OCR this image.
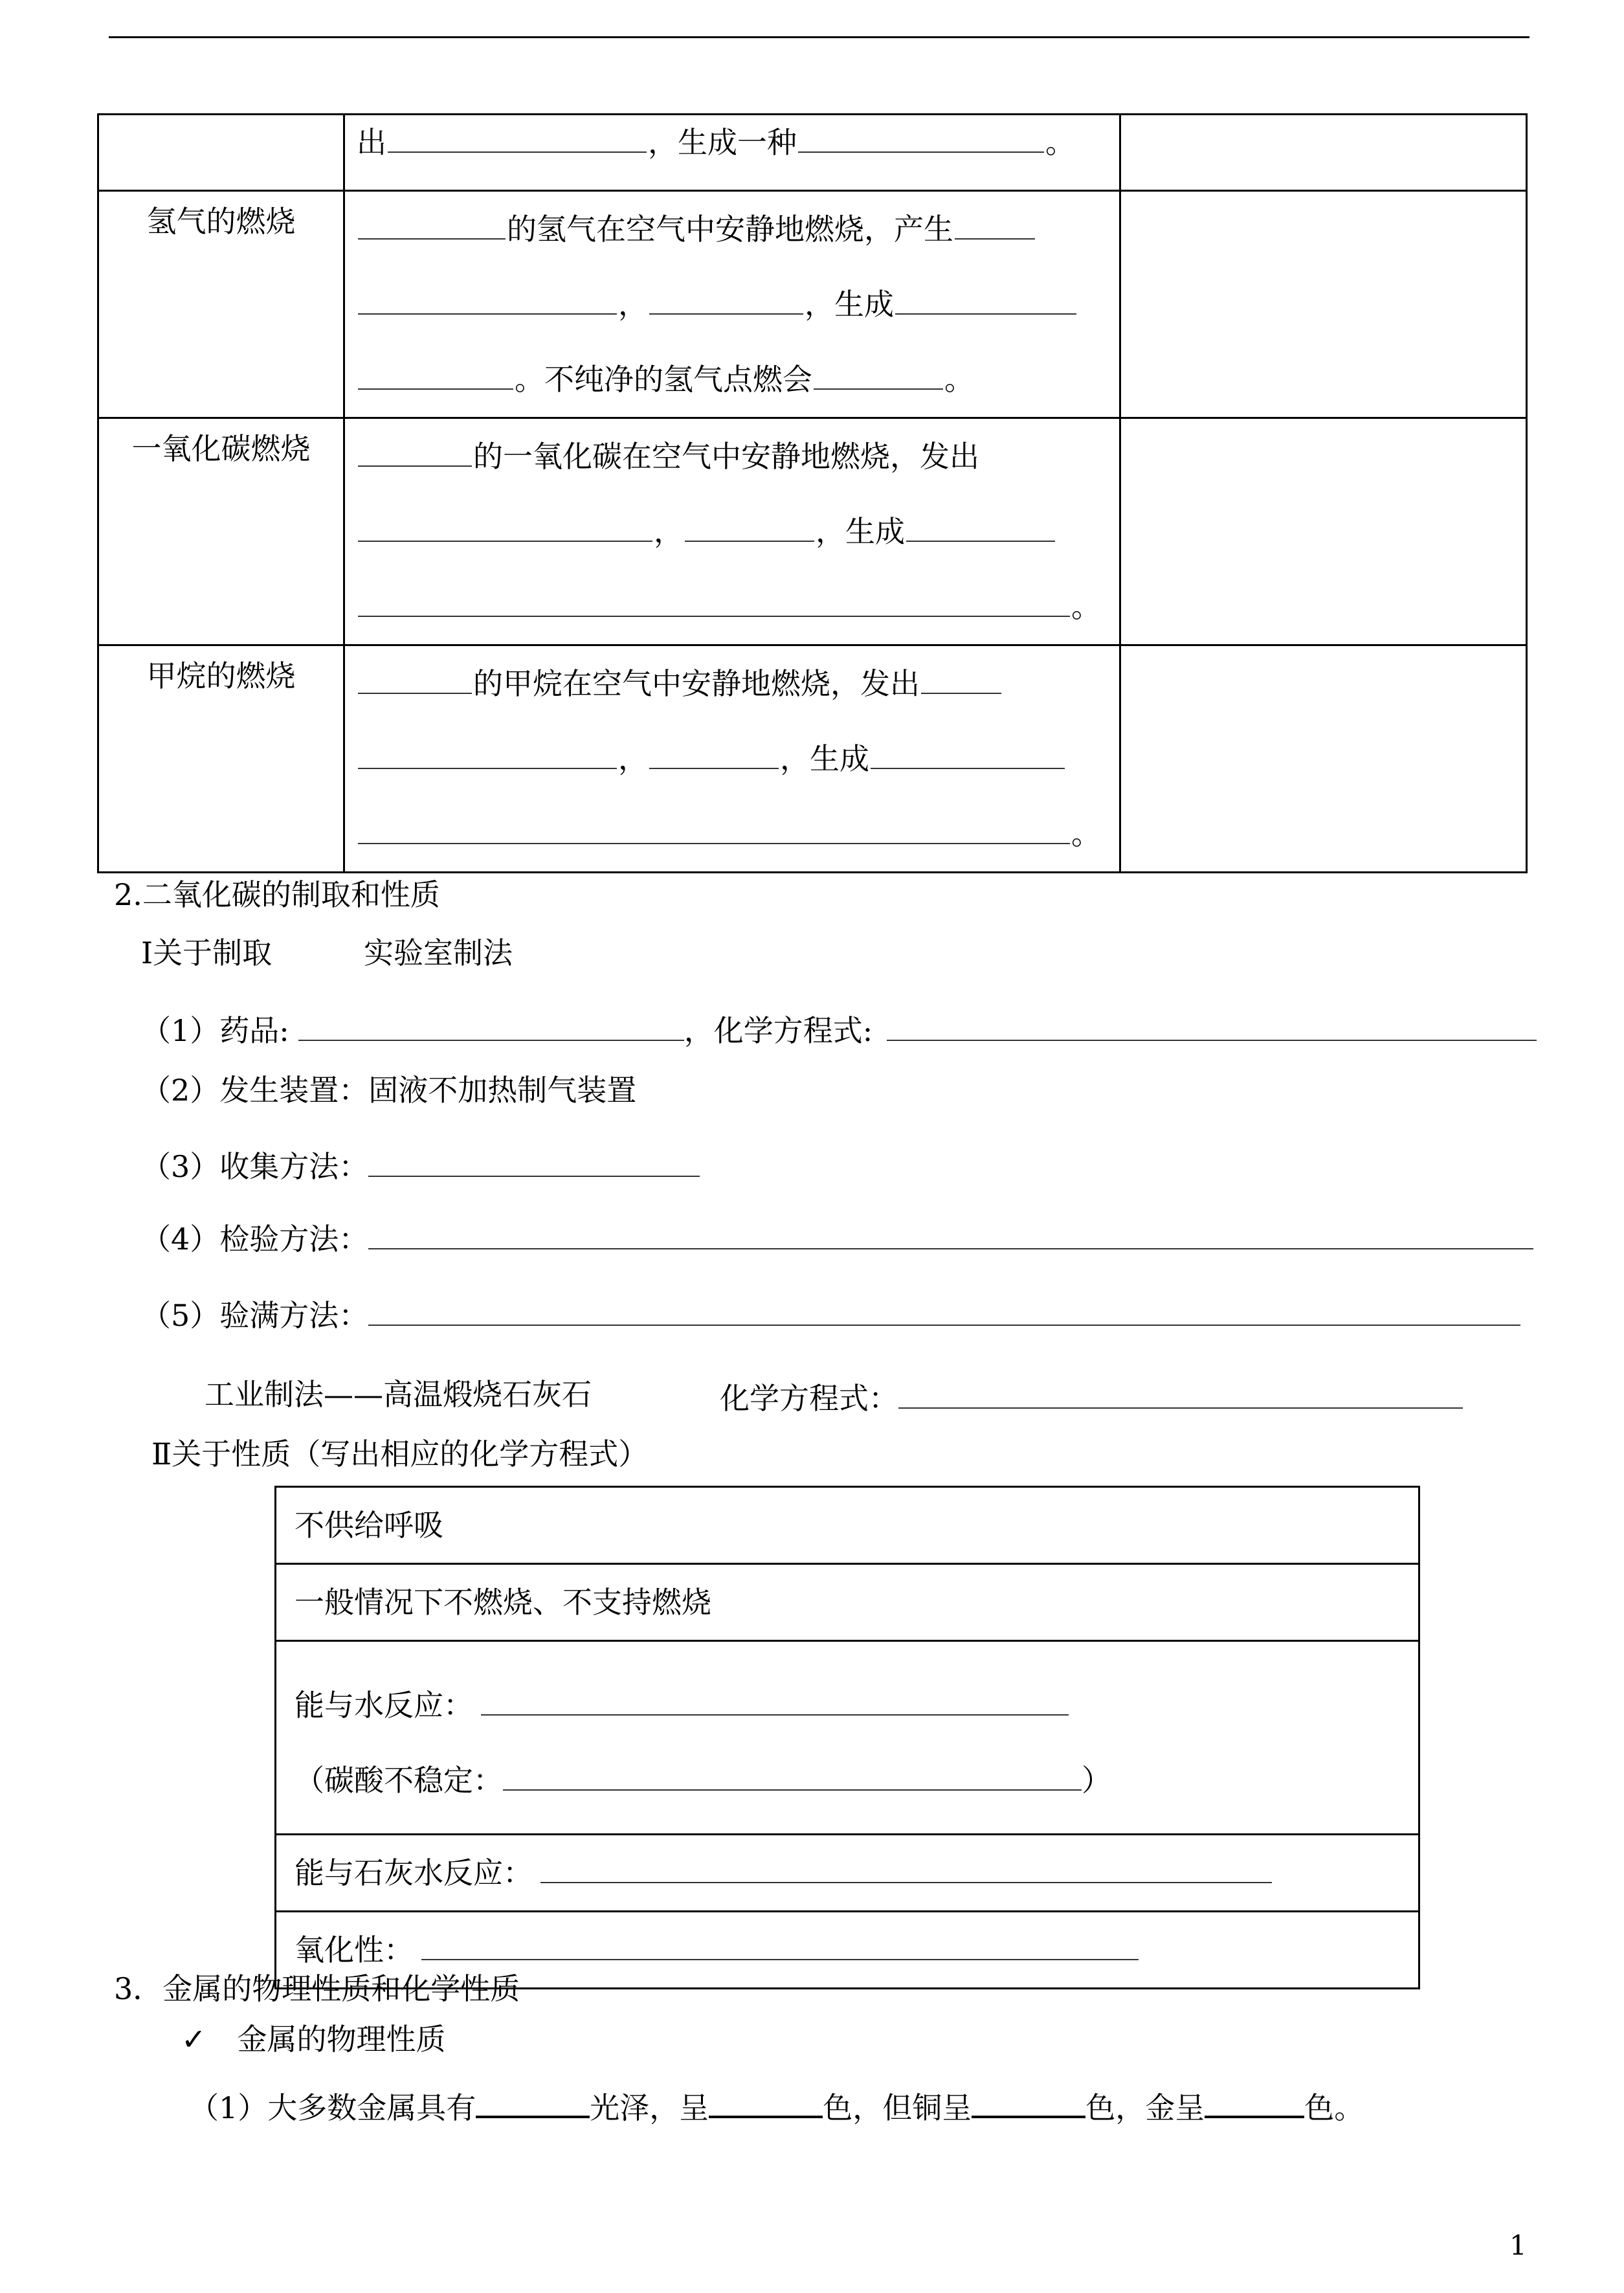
	出 ，生成一种 。	

氢气的燃烧	的氢气在空气中安静地燃烧，产生
， ，生成
。不纯净的氢气点燃会 。	

一氧化碳燃烧	的一氧化碳在空气中安静地燃烧，发出
， ，生成
。	

甲烷的燃烧	的甲烷在空气中安静地燃烧，发出
， ，生成
。	

2.二氧化碳的制取和性质
Ⅰ关于制取	实验室制法
（1）药品:	，化学方程式:
（2）发生装置：固液不加热制气装置
（3）收集方法：
（4）检验方法：
（5）验满方法：
工业制法——高温煅烧石灰石	化学方程式：
Ⅱ关于性质（写出相应的化学方程式）
不供给呼吸
一般情况下不燃烧、不支持燃烧

能与水反应：
（碳酸不稳定：	）

能与石灰水反应：
氧化性：
3．金属的物理性质和化学性质
✓ 金属的物理性质
（1）大多数金属具有	光泽，呈	色，但铜呈	色，金呈	色。
1
